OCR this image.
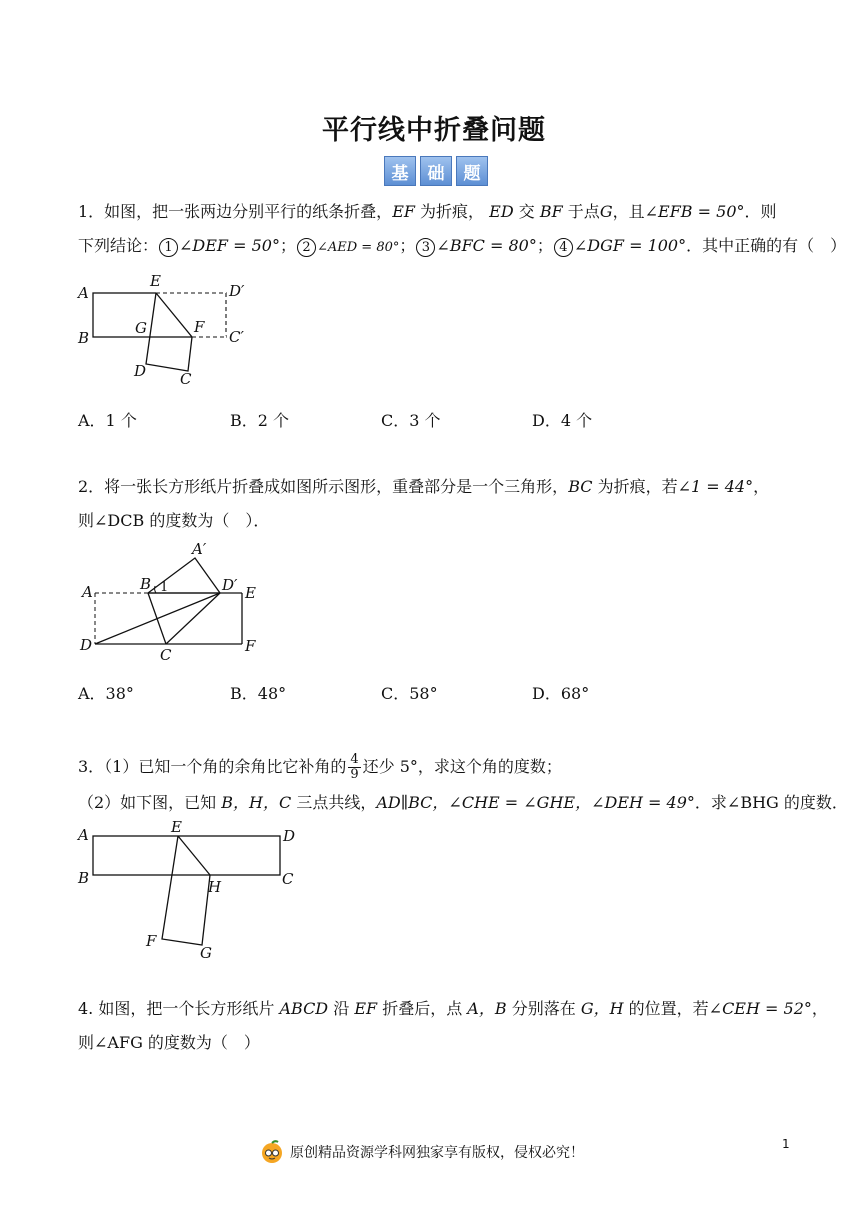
平行线中折叠问题
基	础	题
1．如图，把一张两边分别平行的纸条折叠，EF 为折痕， ED 交 BF 于点G，且∠EFB = 50°．则
下列结论： 1 ∠DEF = 50°； 2 ∠AED = 80°； 3 ∠BFC = 80°； 4 ∠DGF = 100°．其中正确的有（　）
A
B
E
D′
G	F
C′
D C
A．1 个	B．2 个	C．3 个	D．4 个
2．将一张长方形纸片折叠成如图所示图形，重叠部分是一个三角形，BC 为折痕，若∠1 = 44°，
则∠DCB 的度数为（　）．
A′
A	B 1	D′ E
D
C	F
A．38°	B．48°	C．58°	D．68°
3．（1）已知一个角的余角比它补角的 $\frac{4}{9}$ 还少 5°，求这个角的度数；
（2）如下图，已知 B，H，C 三点共线，AD∥BC，∠CHE = ∠GHE，∠DEH = 49°．求∠BHG 的度数．
A	E	D
B	H	C
F
G
4. 如图，把一个长方形纸片 ABCD 沿 EF 折叠后，点 A，B 分别落在 G，H 的位置，若∠CEH = 52°，
则∠AFG 的度数为（　）
原创精品资源学科网独家享有版权，侵权必究！
1
